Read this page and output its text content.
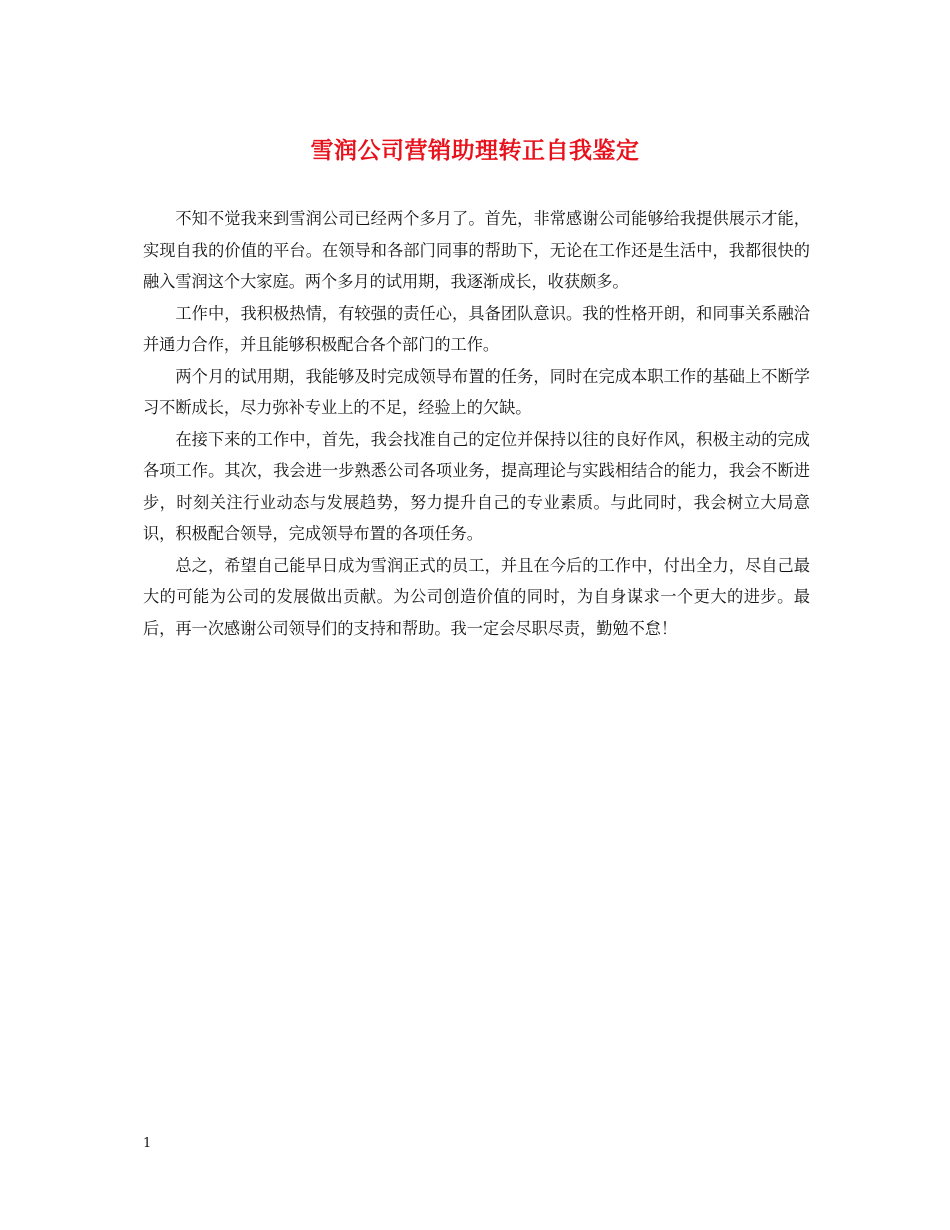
雪润公司营销助理转正自我鉴定

不知不觉我来到雪润公司已经两个多月了。首先，非常感谢公司能够给我提供展示才能，实现自我的价值的平台。在领导和各部门同事的帮助下，无论在工作还是生活中，我都很快的融入雪润这个大家庭。两个多月的试用期，我逐渐成长，收获颇多。

工作中，我积极热情，有较强的责任心，具备团队意识。我的性格开朗，和同事关系融洽并通力合作，并且能够积极配合各个部门的工作。

两个月的试用期，我能够及时完成领导布置的任务，同时在完成本职工作的基础上不断学习不断成长，尽力弥补专业上的不足，经验上的欠缺。

在接下来的工作中，首先，我会找准自己的定位并保持以往的良好作风，积极主动的完成各项工作。其次，我会进一步熟悉公司各项业务，提高理论与实践相结合的能力，我会不断进步，时刻关注行业动态与发展趋势，努力提升自己的专业素质。与此同时，我会树立大局意识，积极配合领导，完成领导布置的各项任务。

总之，希望自己能早日成为雪润正式的员工，并且在今后的工作中，付出全力，尽自己最大的可能为公司的发展做出贡献。为公司创造价值的同时，为自身谋求一个更大的进步。最后，再一次感谢公司领导们的支持和帮助。我一定会尽职尽责，勤勉不怠！

1
